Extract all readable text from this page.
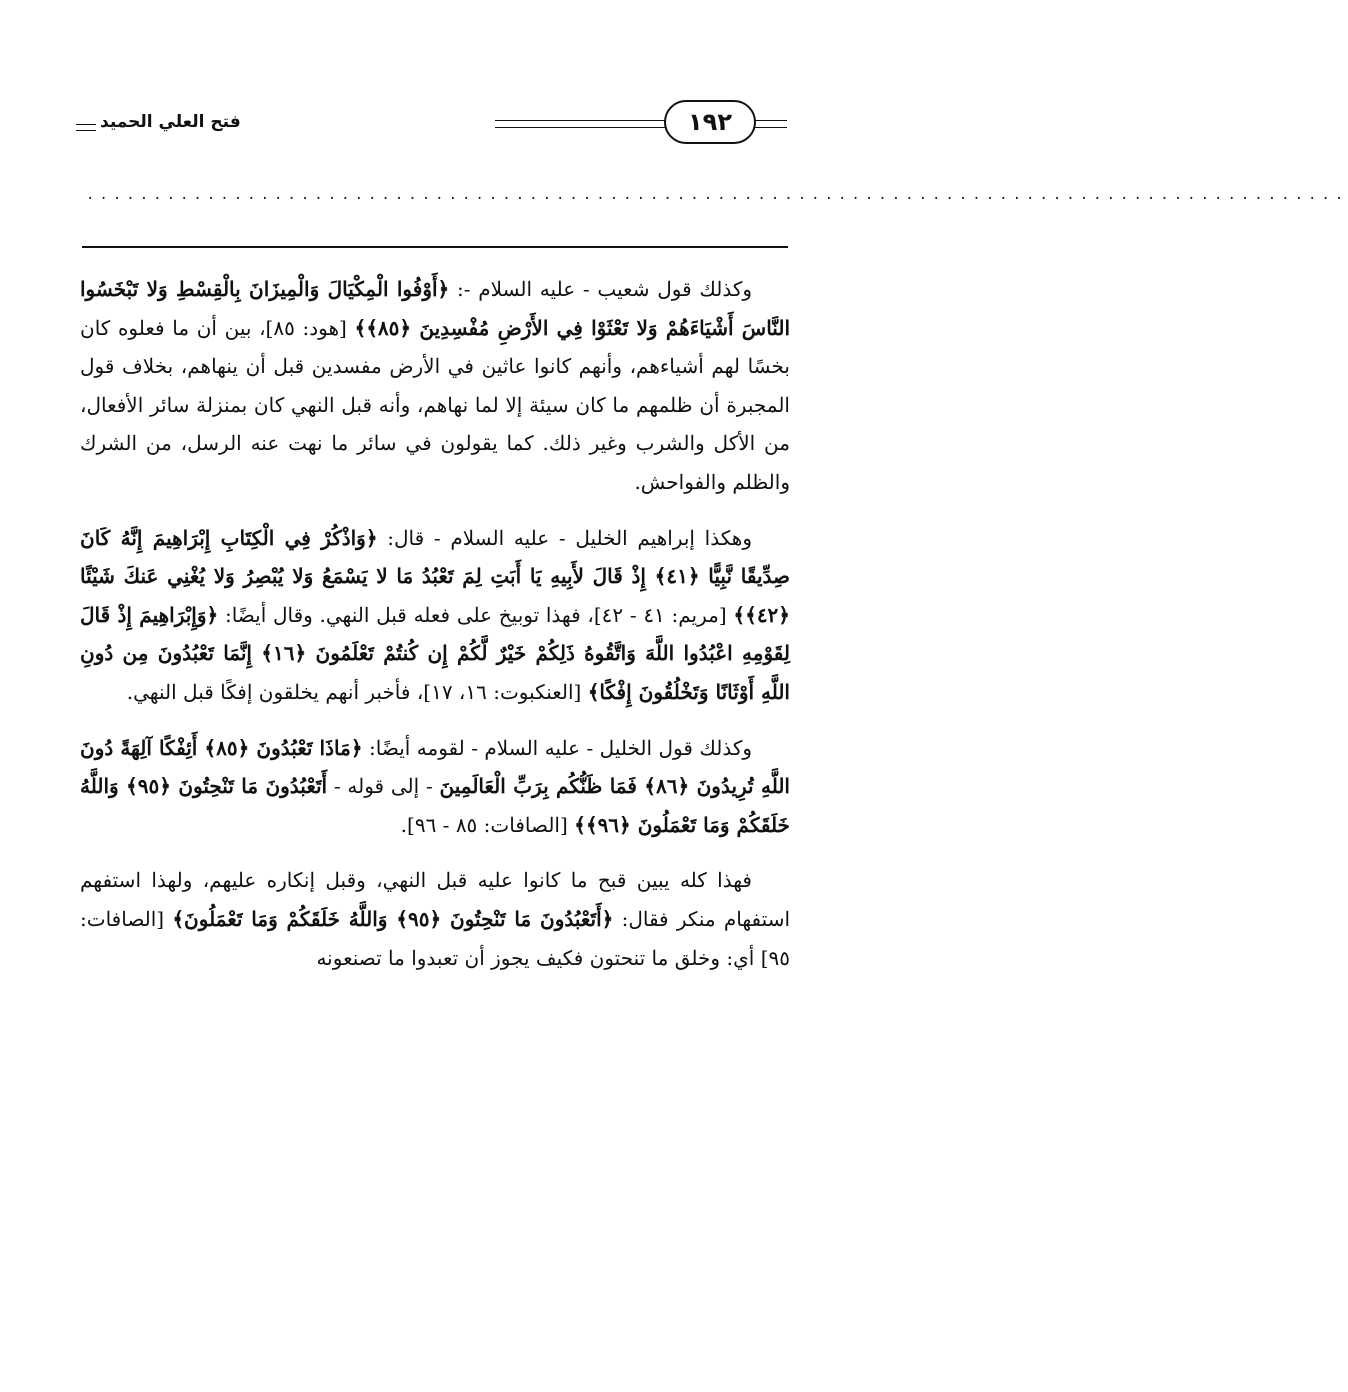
فتح العلي الحميد	١٩٢
..............................................................................................

وكذلك قول شعيب - عليه السلام -: ﴿أَوْفُوا الْمِكْيَالَ وَالْمِيزَانَ بِالْقِسْطِ وَلا تَبْخَسُوا النَّاسَ أَشْيَاءَهُمْ وَلا تَعْثَوْا فِي الأَرْضِ مُفْسِدِينَ ﴿٨٥﴾﴾ [هود: ٨٥]، بين أن ما فعلوه كان بخسًا لهم أشياءهم، وأنهم كانوا عاثين في الأرض مفسدين قبل أن ينهاهم، بخلاف قول المجبرة أن ظلمهم ما كان سيئة إلا لما نهاهم، وأنه قبل النهي كان بمنزلة سائر الأفعال، من الأكل والشرب وغير ذلك. كما يقولون في سائر ما نهت عنه الرسل، من الشرك والظلم والفواحش.

وهكذا إبراهيم الخليل - عليه السلام - قال: ﴿وَاذْكُرْ فِي الْكِتَابِ إِبْرَاهِيمَ إِنَّهُ كَانَ صِدِّيقًا نَّبِيًّا ﴿٤١﴾ إِذْ قَالَ لأَبِيهِ يَا أَبَتِ لِمَ تَعْبُدُ مَا لا يَسْمَعُ وَلا يُبْصِرُ وَلا يُغْنِي عَنكَ شَيْئًا ﴿٤٢﴾﴾ [مريم: ٤١ - ٤٢]، فهذا توبيخ على فعله قبل النهي. وقال أيضًا: ﴿وَإِبْرَاهِيمَ إِذْ قَالَ لِقَوْمِهِ اعْبُدُوا اللَّهَ وَاتَّقُوهُ ذَلِكُمْ خَيْرٌ لَّكُمْ إِن كُنتُمْ تَعْلَمُونَ ﴿١٦﴾ إِنَّمَا تَعْبُدُونَ مِن دُونِ اللَّهِ أَوْثَانًا وَتَخْلُقُونَ إِفْكًا﴾ [العنكبوت: ١٦، ١٧]، فأخبر أنهم يخلقون إفكًا قبل النهي.

وكذلك قول الخليل - عليه السلام - لقومه أيضًا: ﴿مَاذَا تَعْبُدُونَ ﴿٨٥﴾ أَئِفْكًا آلِهَةً دُونَ اللَّهِ تُرِيدُونَ ﴿٨٦﴾ فَمَا ظَنُّكُم بِرَبِّ الْعَالَمِينَ - إلى قوله - أَتَعْبُدُونَ مَا تَنْحِتُونَ ﴿٩٥﴾ وَاللَّهُ خَلَقَكُمْ وَمَا تَعْمَلُونَ ﴿٩٦﴾﴾ [الصافات: ٨٥ - ٩٦].

فهذا كله يبين قبح ما كانوا عليه قبل النهي، وقبل إنكاره عليهم، ولهذا استفهم استفهام منكر فقال: ﴿أَتَعْبُدُونَ مَا تَنْحِتُونَ ﴿٩٥﴾ وَاللَّهُ خَلَقَكُمْ وَمَا تَعْمَلُونَ﴾ [الصافات: ٩٥] أي: وخلق ما تنحتون فكيف يجوز أن تعبدوا ما تصنعونه
